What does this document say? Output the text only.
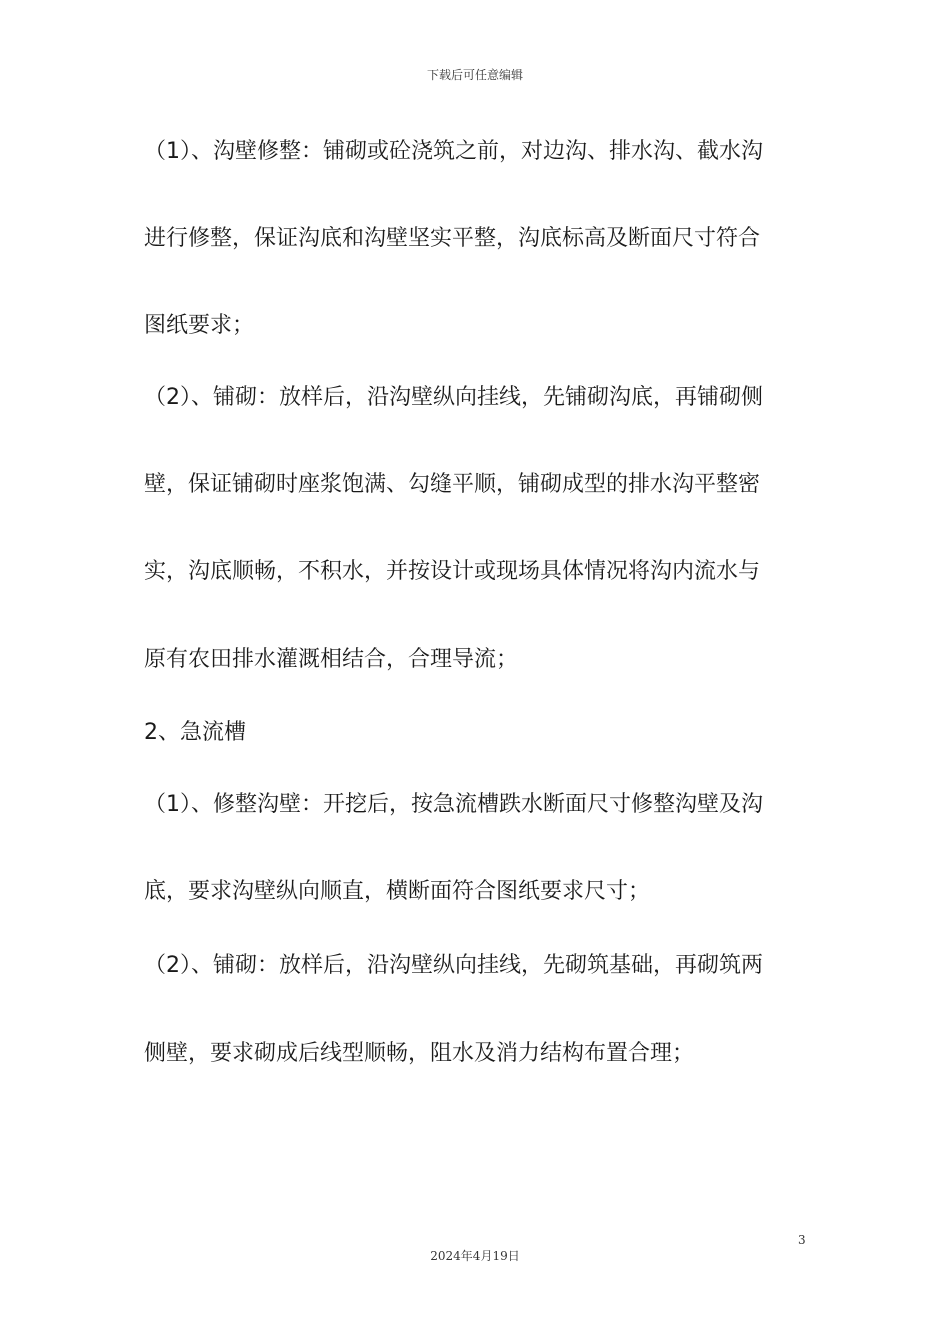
下载后可任意编辑
（1）、沟壁修整：铺砌或砼浇筑之前，对边沟、排水沟、截水沟
进行修整，保证沟底和沟壁坚实平整，沟底标高及断面尺寸符合
图纸要求；
（2）、铺砌：放样后，沿沟壁纵向挂线，先铺砌沟底，再铺砌侧
壁，保证铺砌时座浆饱满、勾缝平顺，铺砌成型的排水沟平整密
实，沟底顺畅，不积水，并按设计或现场具体情况将沟内流水与
原有农田排水灌溉相结合，合理导流；
2、急流槽
（1）、修整沟壁：开挖后，按急流槽跌水断面尺寸修整沟壁及沟
底，要求沟壁纵向顺直，横断面符合图纸要求尺寸；
（2）、铺砌：放样后，沿沟壁纵向挂线，先砌筑基础，再砌筑两
侧壁，要求砌成后线型顺畅，阻水及消力结构布置合理；
3
2024年4月19日
